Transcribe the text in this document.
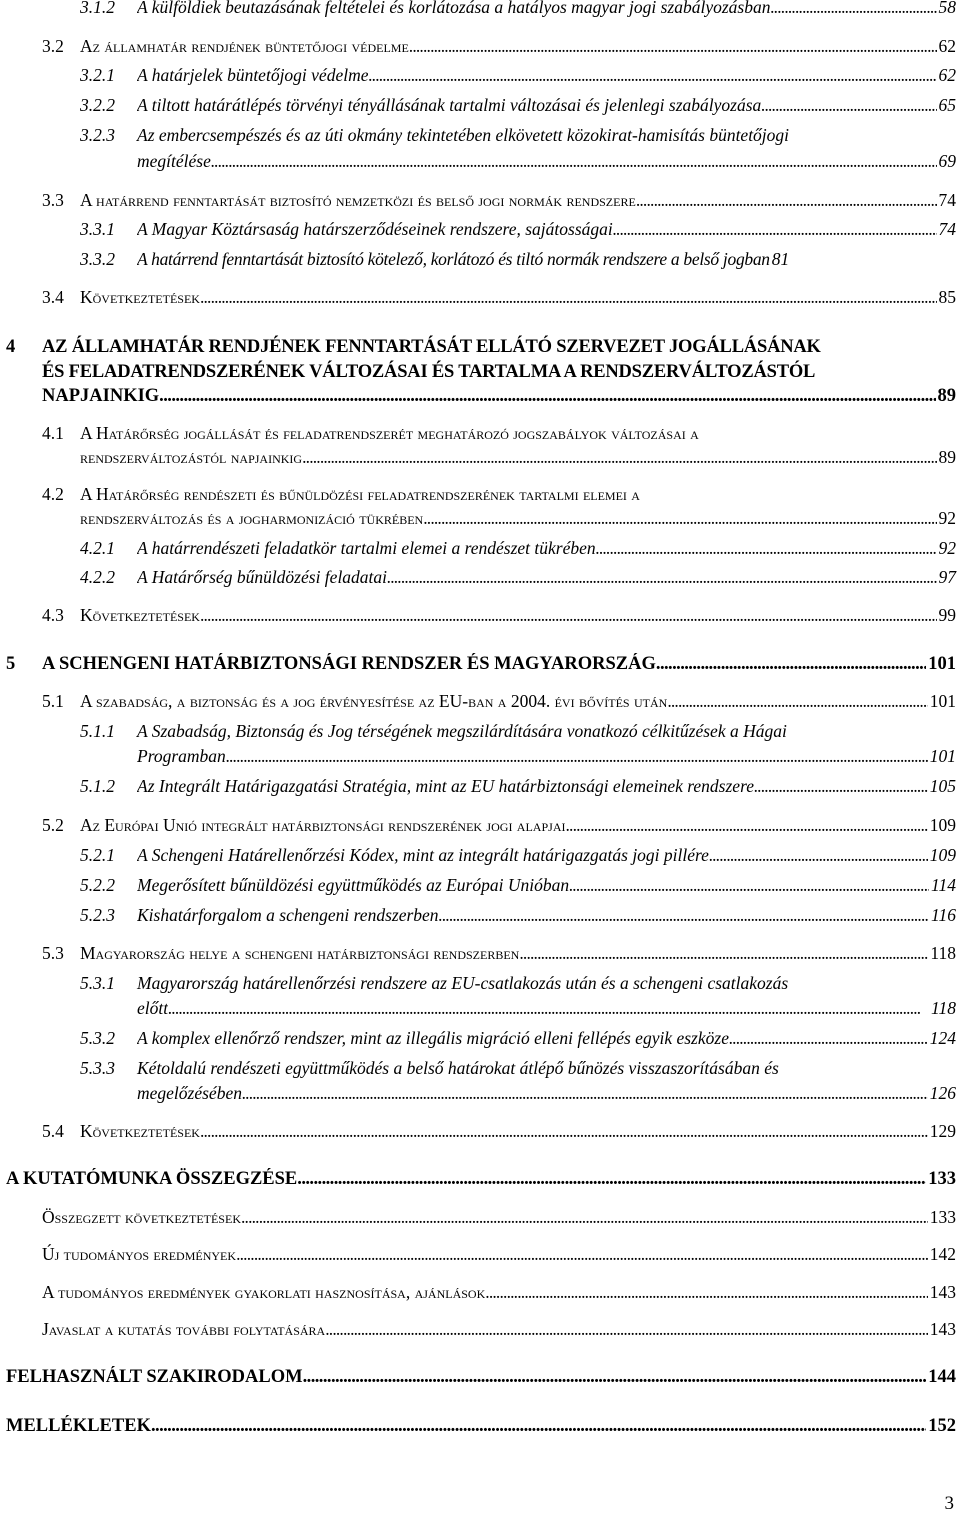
3.1.2 A külföldiek beutazásának feltételei és korlátozása a hatályos magyar jogi szabályozásban . . .	58
3.2 Az államhatár rendjének büntetőjogi védelme . . .	62
3.2.1 A határjelek büntetőjogi védelme . . .	62
3.2.2 A tiltott határátlépés törvényi tényállásának tartalmi változásai és jelenlegi szabályozása . . .	65
3.2.3 Az embercsempészés és az úti okmány tekintetében elkövetett közokirat-hamisítás büntetőjogi
megítélése . . .	69
3.3 A határrend fenntartását biztosító nemzetközi és belső jogi normák rendszere . . .	74
3.3.1 A Magyar Köztársaság határszerződéseinek rendszere, sajátosságai . . .	74
3.3.2 A határrend fenntartását biztosító kötelező, korlátozó és tiltó normák rendszere a belső jogban 81
3.4 Következtetések . . .	85
4 AZ ÁLLAMHATÁR RENDJÉNEK FENNTARTÁSÁT ELLÁTÓ SZERVEZET JOGÁLLÁSÁNAK
ÉS FELADATRENDSZERÉNEK VÁLTOZÁSAI ÉS TARTALMA A RENDSZERVÁLTOZÁSTÓL
NAPJAINKIG . . .	89
4.1 A Határőrség jogállását és feladatrendszerét meghatározó jogszabályok változásai a
rendszerváltozástól napjainkig . . .	89
4.2 A Határőrség rendészeti és bűnüldözési feladatrendszerének tartalmi elemei a
rendszerváltozás és a jogharmonizáció tükrében . . .	92
4.2.1 A határrendészeti feladatkör tartalmi elemei a rendészet tükrében . . .	92
4.2.2 A Határőrség bűnüldözési feladatai . . .	97
4.3 Következtetések . . .	99
5 A SCHENGENI HATÁRBIZTONSÁGI RENDSZER ÉS MAGYARORSZÁG . . .	101
5.1 A szabadság, a biztonság és a jog érvényesítése az EU-ban a 2004. évi bővítés után . . .	101
5.1.1 A Szabadság, Biztonság és Jog térségének megszilárdítására vonatkozó célkitűzések a Hágai
Programban . . .	101
5.1.2 Az Integrált Határigazgatási Stratégia, mint az EU határbiztonsági elemeinek rendszere . . .	105
5.2 Az Európai Unió integrált határbiztonsági rendszerének jogi alapjai . . .	109
5.2.1 A Schengeni Határellenőrzési Kódex, mint az integrált határigazgatás jogi pillére . . .	109
5.2.2 Megerősített bűnüldözési együttműködés az Európai Unióban . . .	114
5.2.3 Kishatárforgalom a schengeni rendszerben . . .	116
5.3 Magyarország helye a schengeni határbiztonsági rendszerben . . .	118
5.3.1 Magyarország határellenőrzési rendszere az EU-csatlakozás után és a schengeni csatlakozás
előtt . . .	118
5.3.2 A komplex ellenőrző rendszer, mint az illegális migráció elleni fellépés egyik eszköze . . .	124
5.3.3 Kétoldalú rendészeti együttműködés a belső határokat átlépő bűnözés visszaszorításában és
megelőzésében . . .	126
5.4 Következtetések . . .	129
A KUTATÓMUNKA ÖSSZEGZÉSE . . .	133
Összegzett következtetések . . .	133
Új tudományos eredmények . . .	142
A tudományos eredmények gyakorlati hasznosítása, ajánlások . . .	143
Javaslat a kutatás további folytatására . . .	143
FELHASZNÁLT SZAKIRODALOM . . .	144
MELLÉKLETEK . . .	152
3
